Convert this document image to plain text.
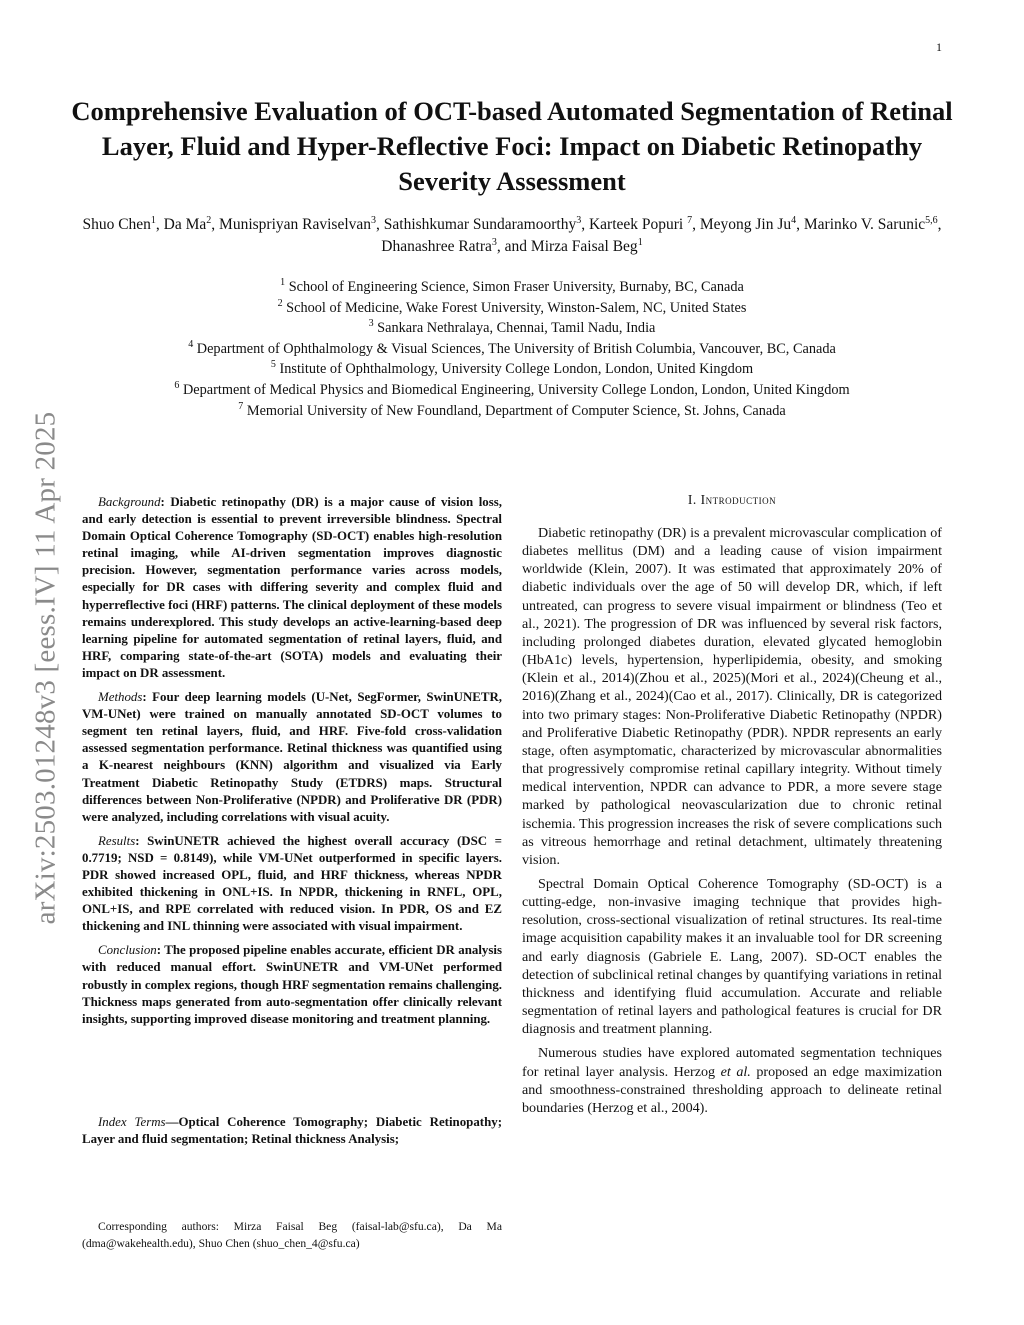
1
arXiv:2503.01248v3 [eess.IV] 11 Apr 2025
Comprehensive Evaluation of OCT-based Automated Segmentation of Retinal Layer, Fluid and Hyper-Reflective Foci: Impact on Diabetic Retinopathy Severity Assessment
Shuo Chen$^1$, Da Ma$^2$, Munispriyan Raviselvan$^3$, Sathishkumar Sundaramoorthy$^3$, Karteek Popuri $^7$, Meyong Jin Ju$^4$, Marinko V. Sarunic$^{5,6}$, Dhanashree Ratra$^3$, and Mirza Faisal Beg$^1$
$^1$ School of Engineering Science, Simon Fraser University, Burnaby, BC, Canada
$^2$ School of Medicine, Wake Forest University, Winston-Salem, NC, United States
$^3$ Sankara Nethralaya, Chennai, Tamil Nadu, India
$^4$ Department of Ophthalmology & Visual Sciences, The University of British Columbia, Vancouver, BC, Canada
$^5$ Institute of Ophthalmology, University College London, London, United Kingdom
$^6$ Department of Medical Physics and Biomedical Engineering, University College London, London, United Kingdom
$^7$ Memorial University of New Foundland, Department of Computer Science, St. Johns, Canada

Background: Diabetic retinopathy (DR) is a major cause of vision loss, and early detection is essential to prevent irreversible blindness. Spectral Domain Optical Coherence Tomography (SD-OCT) enables high-resolution retinal imaging, while AI-driven segmentation improves diagnostic precision. However, segmentation performance varies across models, especially for DR cases with differing severity and complex fluid and hyperreflective foci (HRF) patterns. The clinical deployment of these models remains underexplored. This study develops an active-learning-based deep learning pipeline for automated segmentation of retinal layers, fluid, and HRF, comparing state-of-the-art (SOTA) models and evaluating their impact on DR assessment.

Methods: Four deep learning models (U-Net, SegFormer, SwinUNETR, VM-UNet) were trained on manually annotated SD-OCT volumes to segment ten retinal layers, fluid, and HRF. Five-fold cross-validation assessed segmentation performance. Retinal thickness was quantified using a K-nearest neighbours (KNN) algorithm and visualized via Early Treatment Diabetic Retinopathy Study (ETDRS) maps. Structural differences between Non-Proliferative (NPDR) and Proliferative DR (PDR) were analyzed, including correlations with visual acuity.

Results: SwinUNETR achieved the highest overall accuracy (DSC = 0.7719; NSD = 0.8149), while VM-UNet outperformed in specific layers. PDR showed increased OPL, fluid, and HRF thickness, whereas NPDR exhibited thickening in ONL+IS. In NPDR, thickening in RNFL, OPL, ONL+IS, and RPE correlated with reduced vision. In PDR, OS and EZ thickening and INL thinning were associated with visual impairment.

Conclusion: The proposed pipeline enables accurate, efficient DR analysis with reduced manual effort. SwinUNETR and VM-UNet performed robustly in complex regions, though HRF segmentation remains challenging. Thickness maps generated from auto-segmentation offer clinically relevant insights, supporting improved disease monitoring and treatment planning.

Index Terms—Optical Coherence Tomography; Diabetic Retinopathy; Layer and fluid segmentation; Retinal thickness Analysis;
Corresponding authors: Mirza Faisal Beg (faisal-lab@sfu.ca), Da Ma (dma@wakehealth.edu), Shuo Chen (shuo_chen_4@sfu.ca)
I. Introduction

Diabetic retinopathy (DR) is a prevalent microvascular complication of diabetes mellitus (DM) and a leading cause of vision impairment worldwide (Klein, 2007). It was estimated that approximately 20% of diabetic individuals over the age of 50 will develop DR, which, if left untreated, can progress to severe visual impairment or blindness (Teo et al., 2021). The progression of DR was influenced by several risk factors, including prolonged diabetes duration, elevated glycated hemoglobin (HbA1c) levels, hypertension, hyperlipidemia, obesity, and smoking (Klein et al., 2014)(Zhou et al., 2025)(Mori et al., 2024)(Cheung et al., 2016)(Zhang et al., 2024)(Cao et al., 2017). Clinically, DR is categorized into two primary stages: Non-Proliferative Diabetic Retinopathy (NPDR) and Proliferative Diabetic Retinopathy (PDR). NPDR represents an early stage, often asymptomatic, characterized by microvascular abnormalities that progressively compromise retinal capillary integrity. Without timely medical intervention, NPDR can advance to PDR, a more severe stage marked by pathological neovascularization due to chronic retinal ischemia. This progression increases the risk of severe complications such as vitreous hemorrhage and retinal detachment, ultimately threatening vision.

Spectral Domain Optical Coherence Tomography (SD-OCT) is a cutting-edge, non-invasive imaging technique that provides high-resolution, cross-sectional visualization of retinal structures. Its real-time image acquisition capability makes it an invaluable tool for DR screening and early diagnosis (Gabriele E. Lang, 2007). SD-OCT enables the detection of subclinical retinal changes by quantifying variations in retinal thickness and identifying fluid accumulation. Accurate and reliable segmentation of retinal layers and pathological features is crucial for DR diagnosis and treatment planning.

Numerous studies have explored automated segmentation techniques for retinal layer analysis. Herzog et al. proposed an edge maximization and smoothness-constrained thresholding approach to delineate retinal boundaries (Herzog et al., 2004).
